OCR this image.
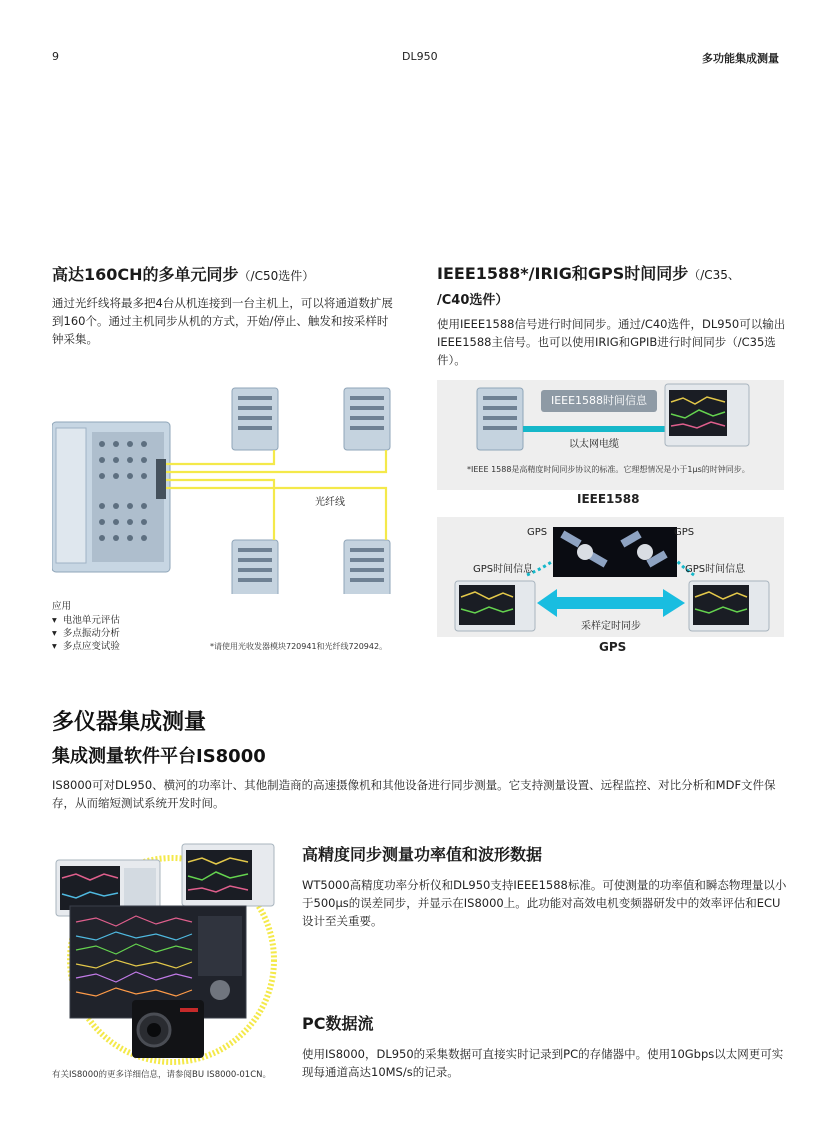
9	DL950	多功能集成测量
高达160CH的多单元同步（/C50选件）
通过光纤线将最多把4台从机连接到一台主机上，可以将通道数扩展到160个。通过主机同步从机的方式，开始/停止、触发和按采样时钟采集。
光纤线
应用
▾  电池单元评估
▾  多点振动分析
▾  多点应变试验	*请使用光收发器模块720941和光纤线720942。
IEEE1588*/IRIG和GPS时间同步（/C35、
/C40选件）
使用IEEE1588信号进行时间同步。通过/C40选件，DL950可以输出IEEE1588主信号。也可以使用IRIG和GPIB进行时间同步（/C35选件）。
IEEE1588时间信息
以太网电缆
*IEEE 1588是高精度时间同步协议的标准。它理想情况是小于1μs的时钟同步。
IEEE1588
GPS	GPS
GPS时间信息	GPS时间信息
采样定时同步
GPS
多仪器集成测量
集成测量软件平台IS8000
IS8000可对DL950、横河的功率计、其他制造商的高速摄像机和其他设备进行同步测量。它支持测量设置、远程监控、对比分析和MDF文件保存，从而缩短测试系统开发时间。
有关IS8000的更多详细信息，请参阅BU IS8000-01CN。
高精度同步测量功率值和波形数据
WT5000高精度功率分析仪和DL950支持IEEE1588标准。可使测量的功率值和瞬态物理量以小于500μs的误差同步，并显示在IS8000上。此功能对高效电机变频器研发中的效率评估和ECU设计至关重要。
PC数据流
使用IS8000，DL950的采集数据可直接实时记录到PC的存储器中。使用10Gbps以太网更可实现每通道高达10MS/s的记录。
